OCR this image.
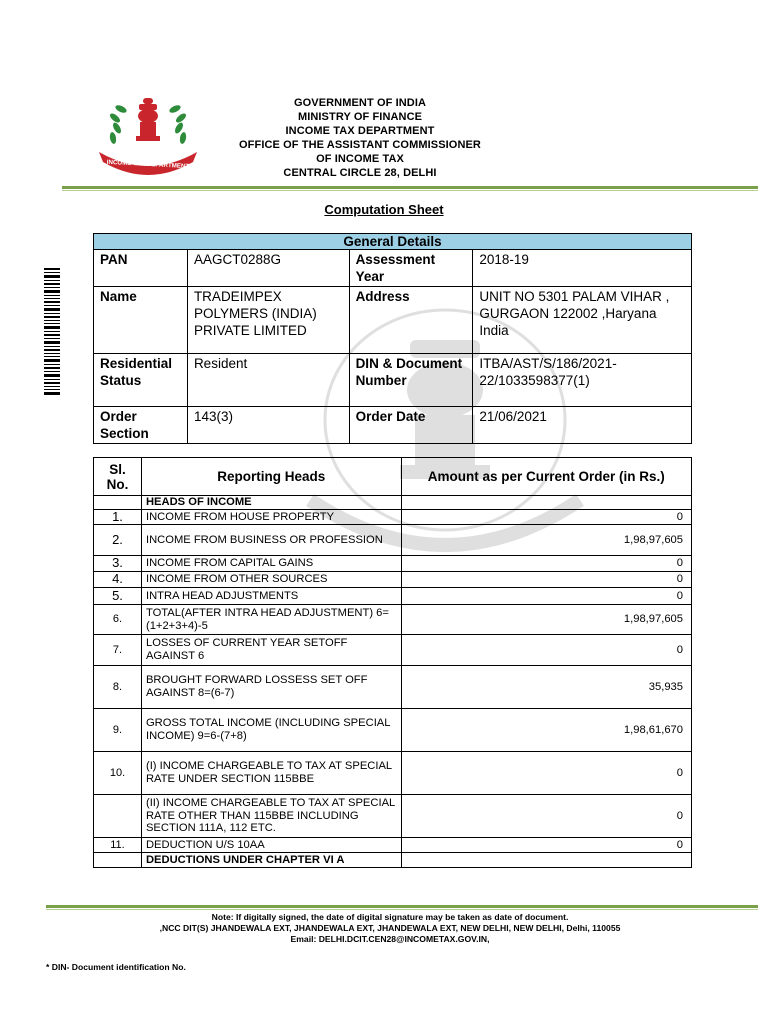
INCOME TAX DEPARTMENT
GOVERNMENT OF INDIA
MINISTRY OF FINANCE
INCOME TAX DEPARTMENT
OFFICE OF THE ASSISTANT COMMISSIONER
OF INCOME TAX
CENTRAL CIRCLE 28, DELHI
Computation Sheet
General Details			
PAN	AAGCT0288G	Assessment Year	2018-19
Name	TRADEIMPEX POLYMERS (INDIA) PRIVATE LIMITED	Address	UNIT NO 5301 PALAM VIHAR , GURGAON 122002 ,Haryana
India

Residential Status	Resident	DIN & Document Number	ITBA/AST/S/186/2021-22/1033598377(1)
Order Section	143(3)	Order Date	21/06/2021
Sl. No.	Reporting Heads	Amount as per Current Order (in Rs.)
	HEADS OF INCOME	
1.	INCOME FROM HOUSE PROPERTY	0
2.	INCOME FROM BUSINESS OR PROFESSION	1,98,97,605
3.	INCOME FROM CAPITAL GAINS	0
4.	INCOME FROM OTHER SOURCES	0
5.	INTRA HEAD ADJUSTMENTS	0
6.	TOTAL(AFTER INTRA HEAD ADJUSTMENT) 6=(1+2+3+4)-5	1,98,97,605
7.	LOSSES OF CURRENT YEAR SETOFF AGAINST 6	0
8.	BROUGHT FORWARD LOSSESS SET OFF AGAINST 8=(6-7)	35,935
9.	GROSS TOTAL INCOME (INCLUDING SPECIAL INCOME) 9=6-(7+8)	1,98,61,670
10.	(I) INCOME CHARGEABLE TO TAX AT SPECIAL RATE UNDER SECTION 115BBE	0
	(II) INCOME CHARGEABLE TO TAX AT SPECIAL RATE OTHER THAN 115BBE INCLUDING SECTION 111A, 112 ETC.	0
11.	DEDUCTION U/S 10AA	0
	DEDUCTIONS UNDER CHAPTER VI A	
Note: If digitally signed, the date of digital signature may be taken as date of document.
,NCC DIT(S) JHANDEWALA EXT, JHANDEWALA EXT, JHANDEWALA EXT, NEW DELHI, NEW DELHI, Delhi, 110055
Email: DELHI.DCIT.CEN28@INCOMETAX.GOV.IN,
* DIN- Document identification No.
